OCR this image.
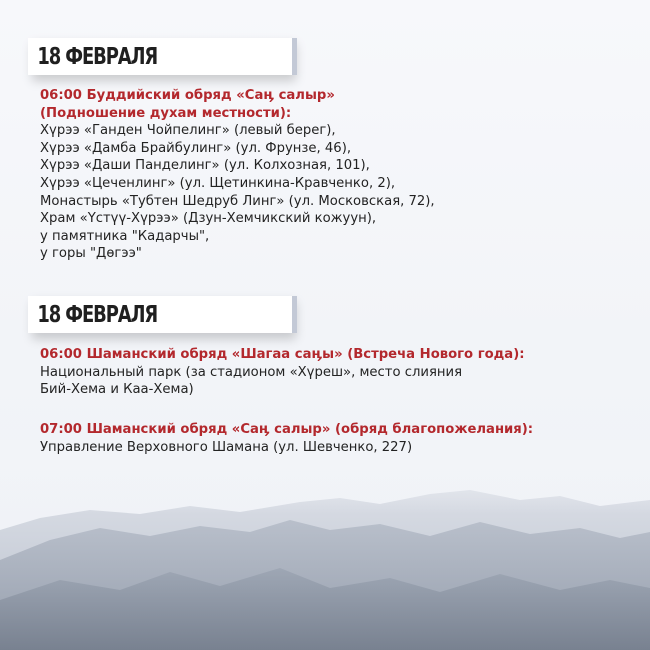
18 ФЕВРАЛЯ
06:00 Буддийский обряд «Саӊ салыр»
(Подношение духам местности):
Хүрээ «Ганден Чойпелинг» (левый берег),
Хүрээ «Дамба Брайбулинг» (ул. Фрунзе, 46),
Хүрээ «Даши Панделинг» (ул. Колхозная, 101),
Хүрээ «Цеченлинг» (ул. Щетинкина-Кравченко, 2),
Монастырь «Тубтен Шедруб Линг» (ул. Московская, 72),
Храм «Үстүү-Хүрээ» (Дзун-Хемчикский кожуун),
у памятника "Кадарчы",
у горы "Дөгээ"
18 ФЕВРАЛЯ
06:00 Шаманский обряд «Шагаа саӊы» (Встреча Нового года):
Национальный парк (за стадионом «Хүреш», место слияния
Бий-Хема и Каа-Хема)
07:00 Шаманский обряд «Саӊ салыр» (обряд благопожелания):
Управление Верховного Шамана (ул. Шевченко, 227)
